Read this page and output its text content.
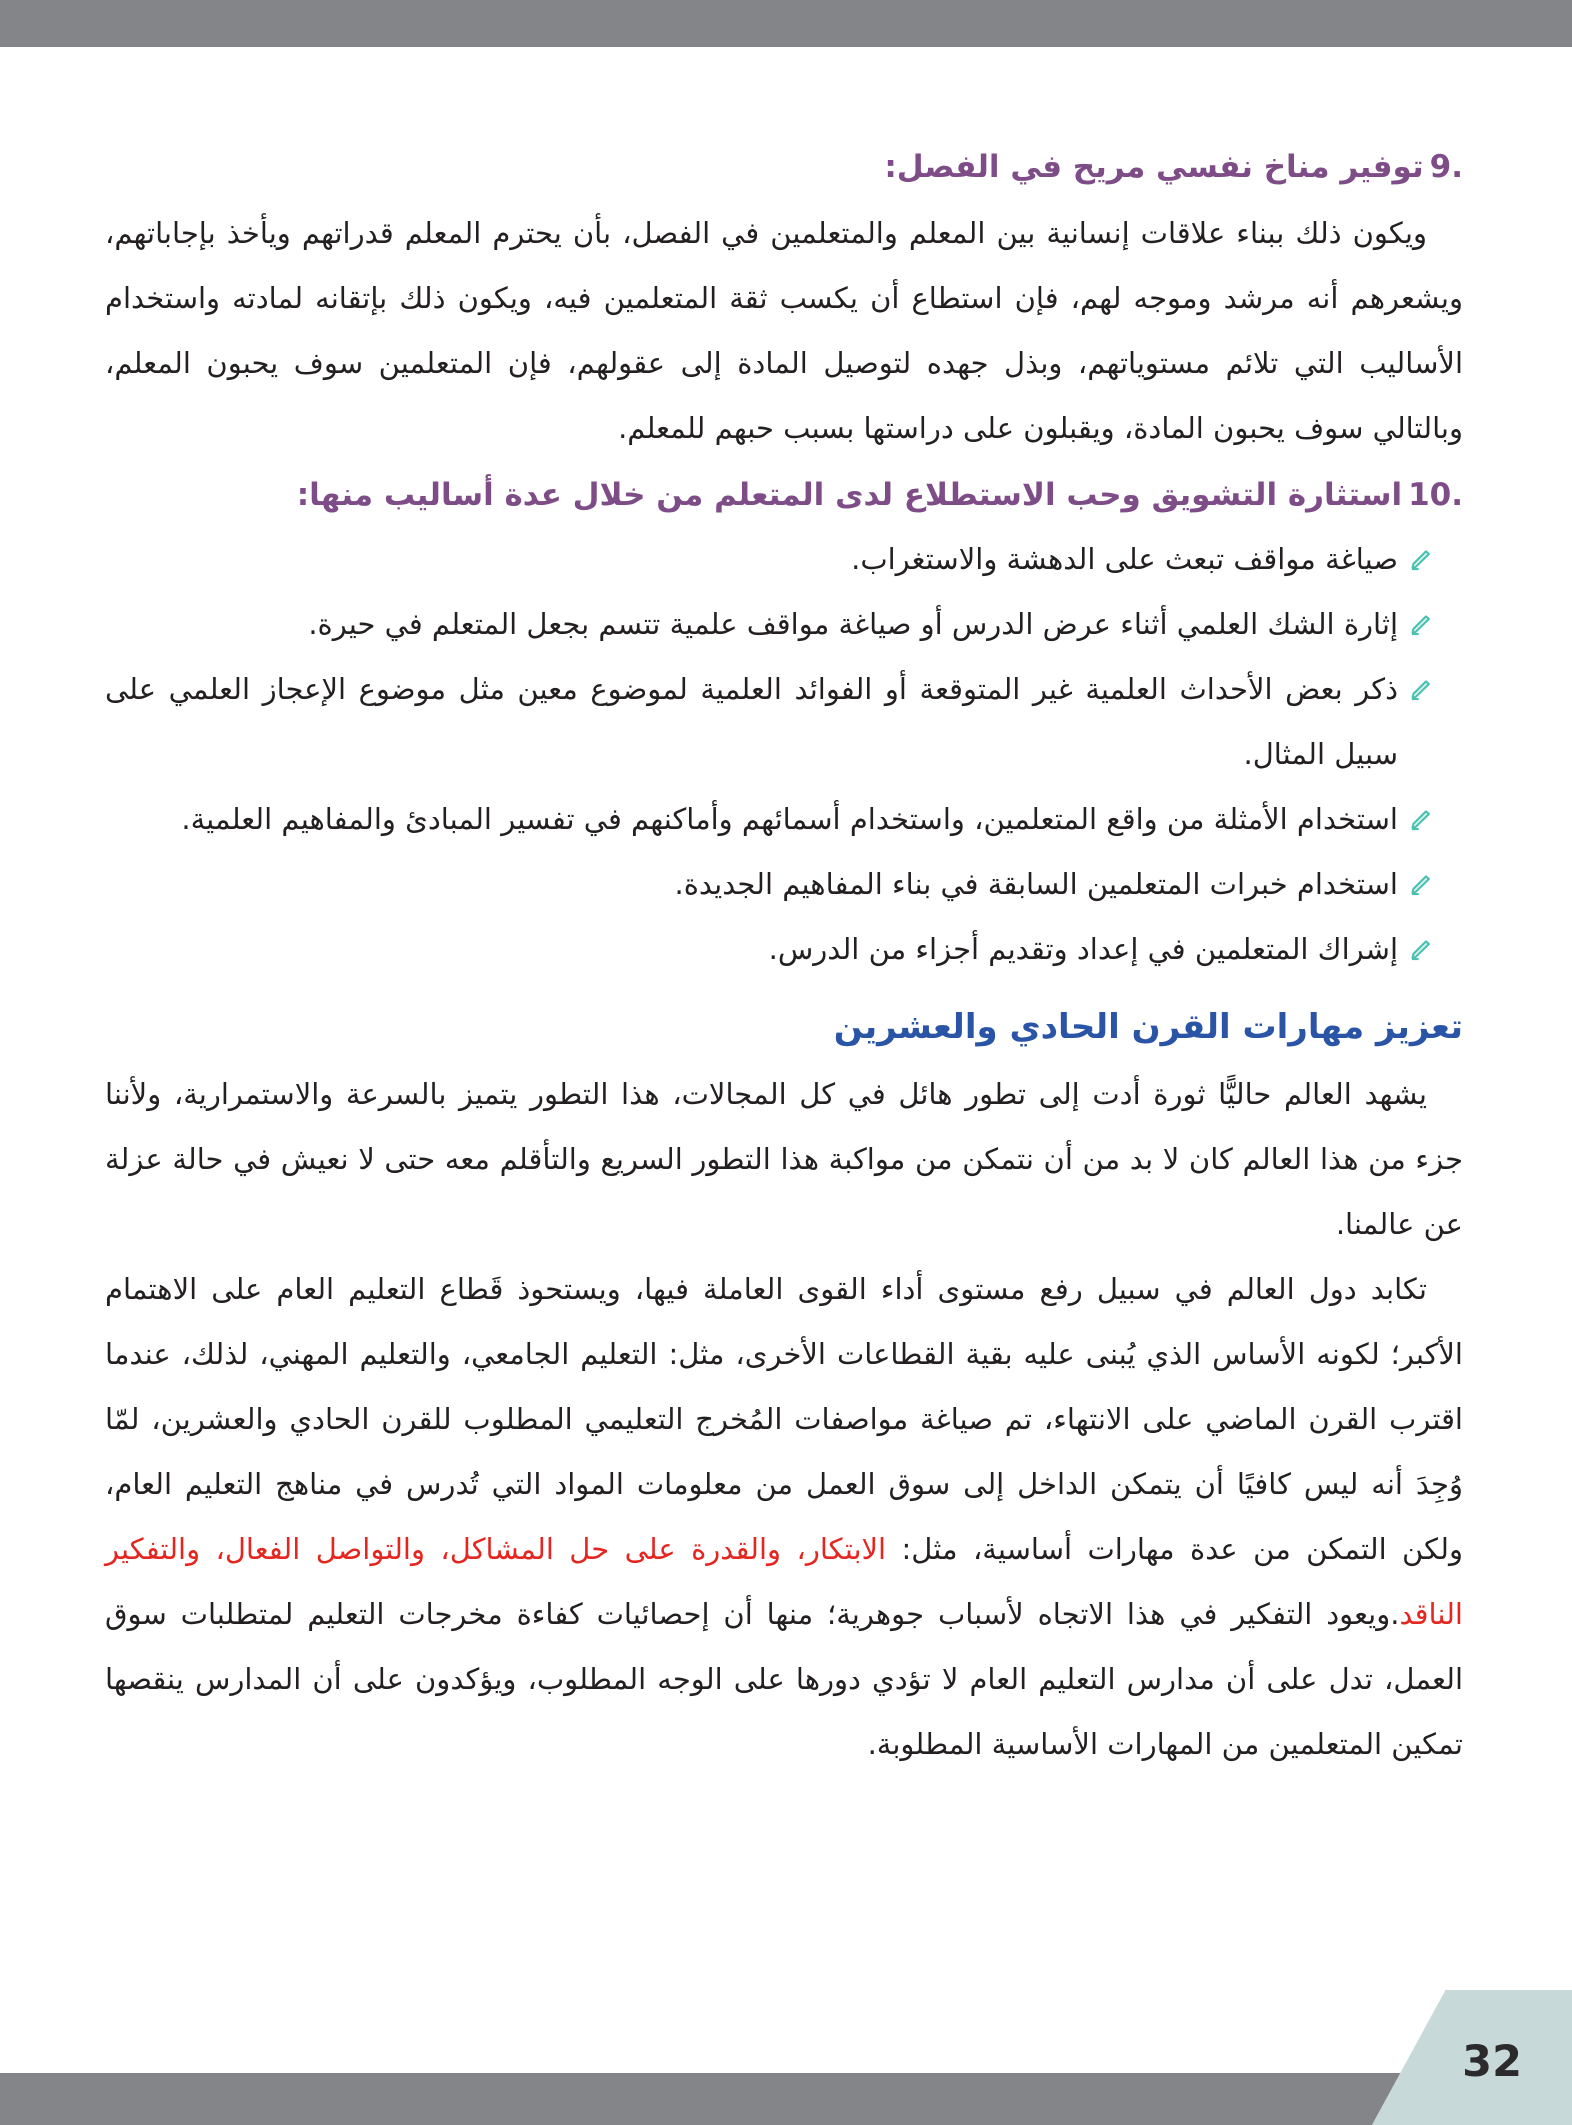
9.توفير مناخ نفسي مريح في الفصل:

ويكون ذلك ببناء علاقات إنسانية بين المعلم والمتعلمين في الفصل، بأن يحترم المعلم قدراتهم ويأخذ بإجاباتهم، ويشعرهم أنه مرشد وموجه لهم، فإن استطاع أن يكسب ثقة المتعلمين فيه، ويكون ذلك بإتقانه لمادته واستخدام الأساليب التي تلائم مستوياتهم، وبذل جهده لتوصيل المادة إلى عقولهم، فإن المتعلمين سوف يحبون المعلم، وبالتالي سوف يحبون المادة، ويقبلون على دراستها بسبب حبهم للمعلم.

10.استثارة التشويق وحب الاستطلاع لدى المتعلم من خلال عدة أساليب منها:
صياغة مواقف تبعث على الدهشة والاستغراب.
إثارة الشك العلمي أثناء عرض الدرس أو صياغة مواقف علمية تتسم بجعل المتعلم في حيرة.
ذكر بعض الأحداث العلمية غير المتوقعة أو الفوائد العلمية لموضوع معين مثل موضوع الإعجاز العلمي على سبيل المثال.
استخدام الأمثلة من واقع المتعلمين، واستخدام أسمائهم وأماكنهم في تفسير المبادئ والمفاهيم العلمية.
استخدام خبرات المتعلمين السابقة في بناء المفاهيم الجديدة.
إشراك المتعلمين في إعداد وتقديم أجزاء من الدرس.
تعزيز مهارات القرن الحادي والعشرين

يشهد العالم حاليًّا ثورة أدت إلى تطور هائل في كل المجالات، هذا التطور يتميز بالسرعة والاستمرارية، ولأننا جزء من هذا العالم كان لا بد من أن نتمكن من مواكبة هذا التطور السريع والتأقلم معه حتى لا نعيش في حالة عزلة عن عالمنا.

تكابد دول العالم في سبيل رفع مستوى أداء القوى العاملة فيها، ويستحوذ قَطاع التعليم العام على الاهتمام الأكبر؛ لكونه الأساس الذي يُبنى عليه بقية القطاعات الأخرى، مثل: التعليم الجامعي، والتعليم المهني، لذلك، عندما اقترب القرن الماضي على الانتهاء، تم صياغة مواصفات المُخرج التعليمي المطلوب للقرن الحادي والعشرين، لمّا وُجِدَ أنه ليس كافيًا أن يتمكن الداخل إلى سوق العمل من معلومات المواد التي تُدرس في مناهج التعليم العام، ولكن التمكن من عدة مهارات أساسية، مثل: الابتكار، والقدرة على حل المشاكل، والتواصل الفعال، والتفكير الناقد.ويعود التفكير في هذا الاتجاه لأسباب جوهرية؛ منها أن إحصائيات كفاءة مخرجات التعليم لمتطلبات سوق العمل، تدل على أن مدارس التعليم العام لا تؤدي دورها على الوجه المطلوب، ويؤكدون على أن المدارس ينقصها تمكين المتعلمين من المهارات الأساسية المطلوبة.

32
